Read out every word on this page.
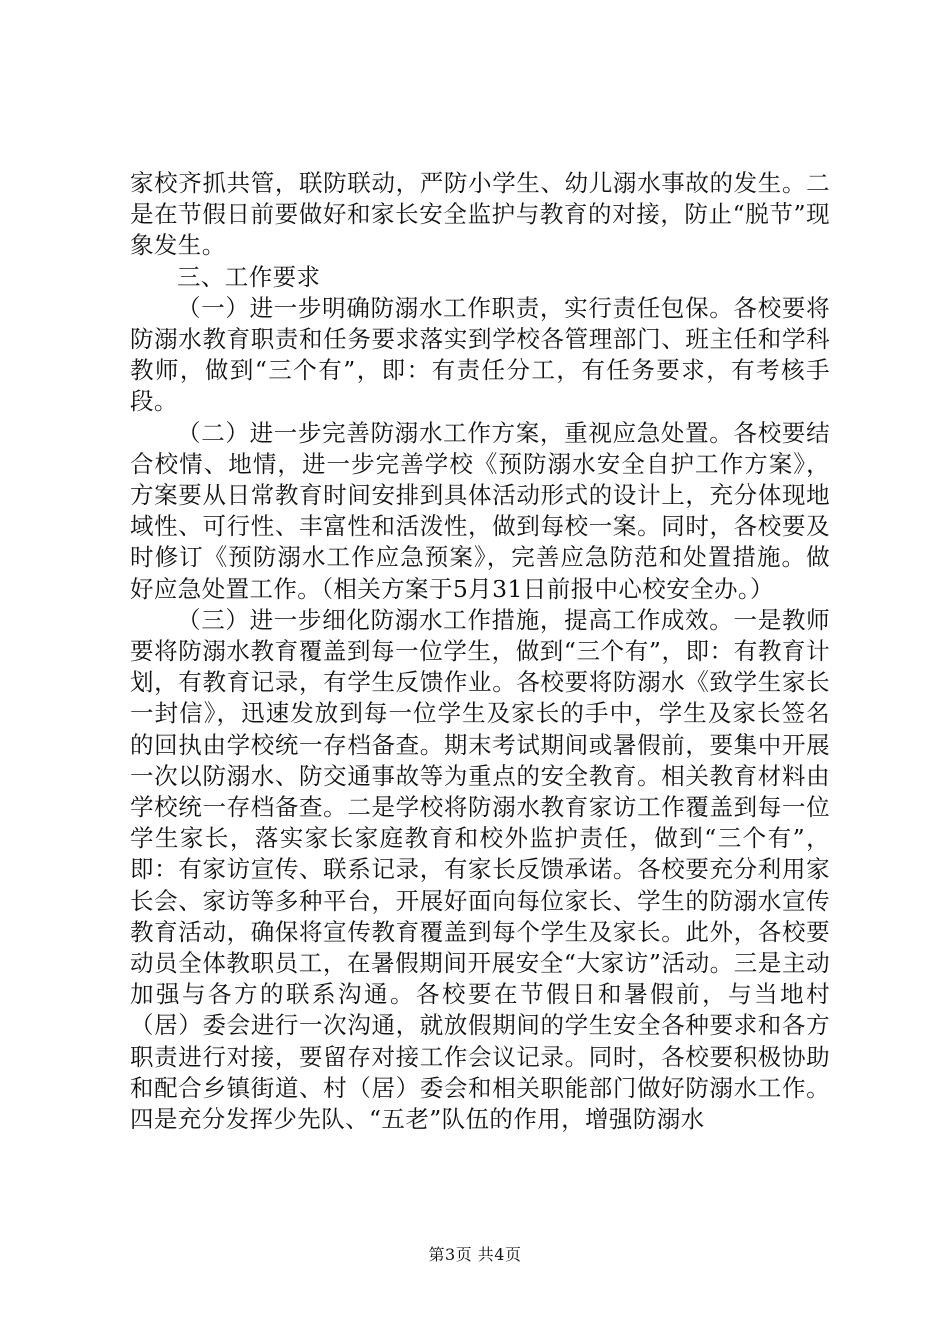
家校齐抓共管，联防联动，严防小学生、幼儿溺水事故的发生。二是在节假日前要做好和家长安全监护与教育的对接，防止“脱节”现象发生。

三、工作要求

（一）进一步明确防溺水工作职责，实行责任包保。各校要将防溺水教育职责和任务要求落实到学校各管理部门、班主任和学科教师，做到“三个有”，即：有责任分工，有任务要求，有考核手段。

（二）进一步完善防溺水工作方案，重视应急处置。各校要结合校情、地情，进一步完善学校《预防溺水安全自护工作方案》，方案要从日常教育时间安排到具体活动形式的设计上，充分体现地域性、可行性、丰富性和活泼性，做到每校一案。同时，各校要及时修订《预防溺水工作应急预案》，完善应急防范和处置措施。做好应急处置工作。（相关方案于5月31日前报中心校安全办。）

（三）进一步细化防溺水工作措施，提高工作成效。一是教师要将防溺水教育覆盖到每一位学生，做到“三个有”，即：有教育计划，有教育记录，有学生反馈作业。各校要将防溺水《致学生家长一封信》，迅速发放到每一位学生及家长的手中，学生及家长签名的回执由学校统一存档备查。期末考试期间或暑假前，要集中开展一次以防溺水、防交通事故等为重点的安全教育。相关教育材料由学校统一存档备查。二是学校将防溺水教育家访工作覆盖到每一位学生家长，落实家长家庭教育和校外监护责任，做到“三个有”，即：有家访宣传、联系记录，有家长反馈承诺。各校要充分利用家长会、家访等多种平台，开展好面向每位家长、学生的防溺水宣传教育活动，确保将宣传教育覆盖到每个学生及家长。此外，各校要动员全体教职员工，在暑假期间开展安全“大家访”活动。三是主动加强与各方的联系沟通。各校要在节假日和暑假前，与当地村（居）委会进行一次沟通，就放假期间的学生安全各种要求和各方职责进行对接，要留存对接工作会议记录。同时，各校要积极协助和配合乡镇街道、村（居）委会和相关职能部门做好防溺水工作。四是充分发挥少先队、“五老”队伍的作用，增强防溺水

第3页 共4页
